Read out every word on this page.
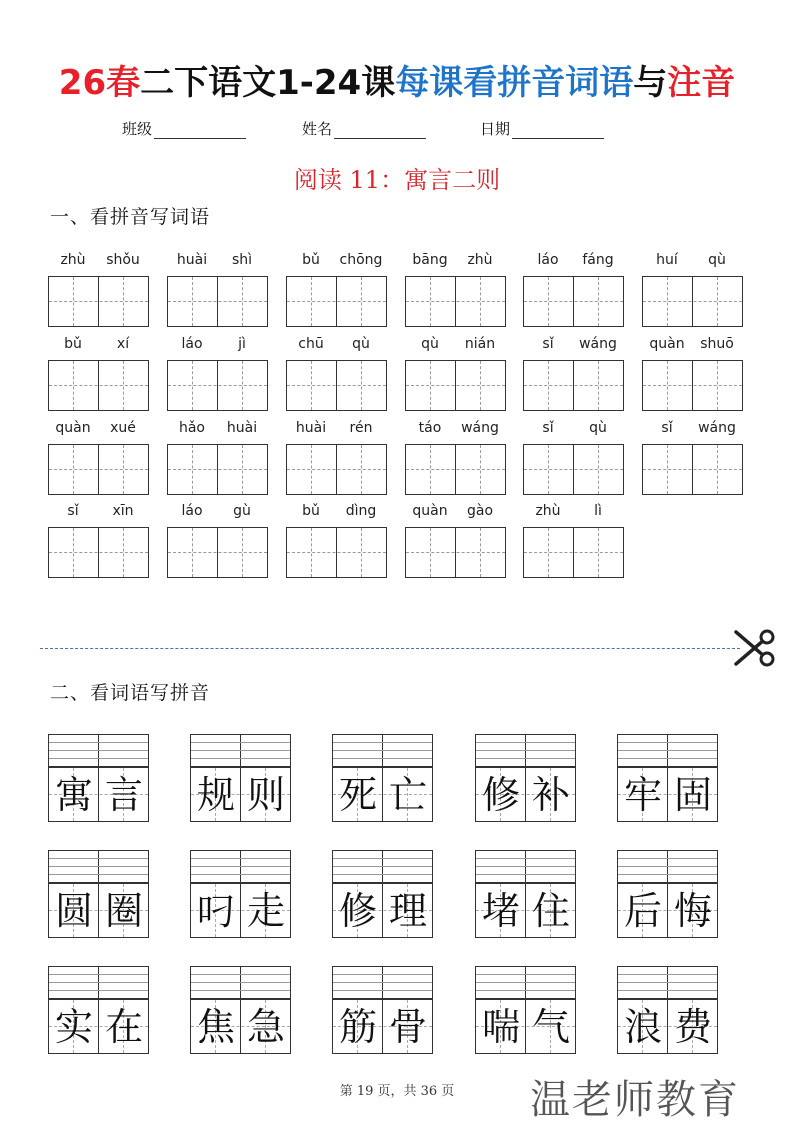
26春二下语文1-24课每课看拼音词语与注音
班级	姓名	日期
阅读 11：寓言二则
一、看拼音写词语
zhù	shǒu	huài	shì	bǔ	chōng	bāng	zhù	láo	fáng	huí	qù
bǔ	xí	láo	jì	chū	qù	qù	nián	sǐ	wáng	quàn	shuō
quàn	xué	hǎo	huài	huài	rén	táo	wáng	sǐ	qù	sǐ	wáng
sǐ	xīn	láo	gù	bǔ	dìng	quàn	gào	zhù	lì
二、看词语写拼音
寓 言 规 则 死 亡 修 补 牢 固
圆 圈 叼 走 修 理 堵 住 后 悔
实 在 焦 急 筋 骨 喘 气 浪 费
第 19 页，共 36 页	温老师教育
